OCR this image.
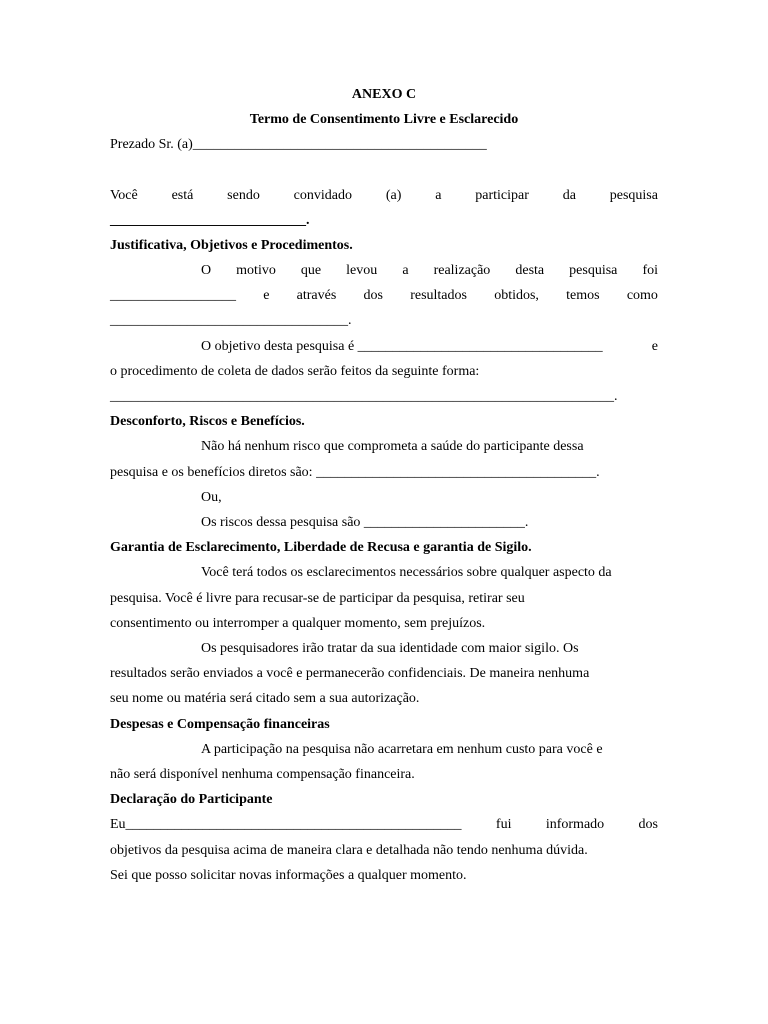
ANEXO C

Termo de Consentimento Livre e Esclarecido

Prezado Sr. (a)__________________________________________

Você está sendo convidado (a) a participar da pesquisa

____________________________.

Justificativa, Objetivos e Procedimentos.

O motivo que levou a realização desta pesquisa foi

__________________ e através dos resultados obtidos, temos como

__________________________________.

O objetivo desta pesquisa é ___________________________________	e

o procedimento de coleta de dados serão feitos da seguinte forma:

________________________________________________________________________.

Desconforto, Riscos e Benefícios.

Não há nenhum risco que comprometa a saúde do participante dessa

pesquisa e os benefícios diretos são: ________________________________________.

Ou,

Os riscos dessa pesquisa são _______________________.

Garantia de Esclarecimento, Liberdade de Recusa e garantia de Sigilo.

Você terá todos os esclarecimentos necessários sobre qualquer aspecto da

pesquisa. Você é livre para recusar-se de participar da pesquisa, retirar seu

consentimento ou interromper a qualquer momento, sem prejuízos.

Os pesquisadores irão tratar da sua identidade com maior sigilo. Os

resultados serão enviados a você e permanecerão confidenciais. De maneira nenhuma

seu nome ou matéria será citado sem a sua autorização.

Despesas e Compensação financeiras

A participação na pesquisa não acarretara em nenhum custo para você e

não será disponível nenhuma compensação financeira.

Declaração do Participante

Eu________________________________________________ fui informado dos

objetivos da pesquisa acima de maneira clara e detalhada não tendo nenhuma dúvida.

Sei que posso solicitar novas informações a qualquer momento.
